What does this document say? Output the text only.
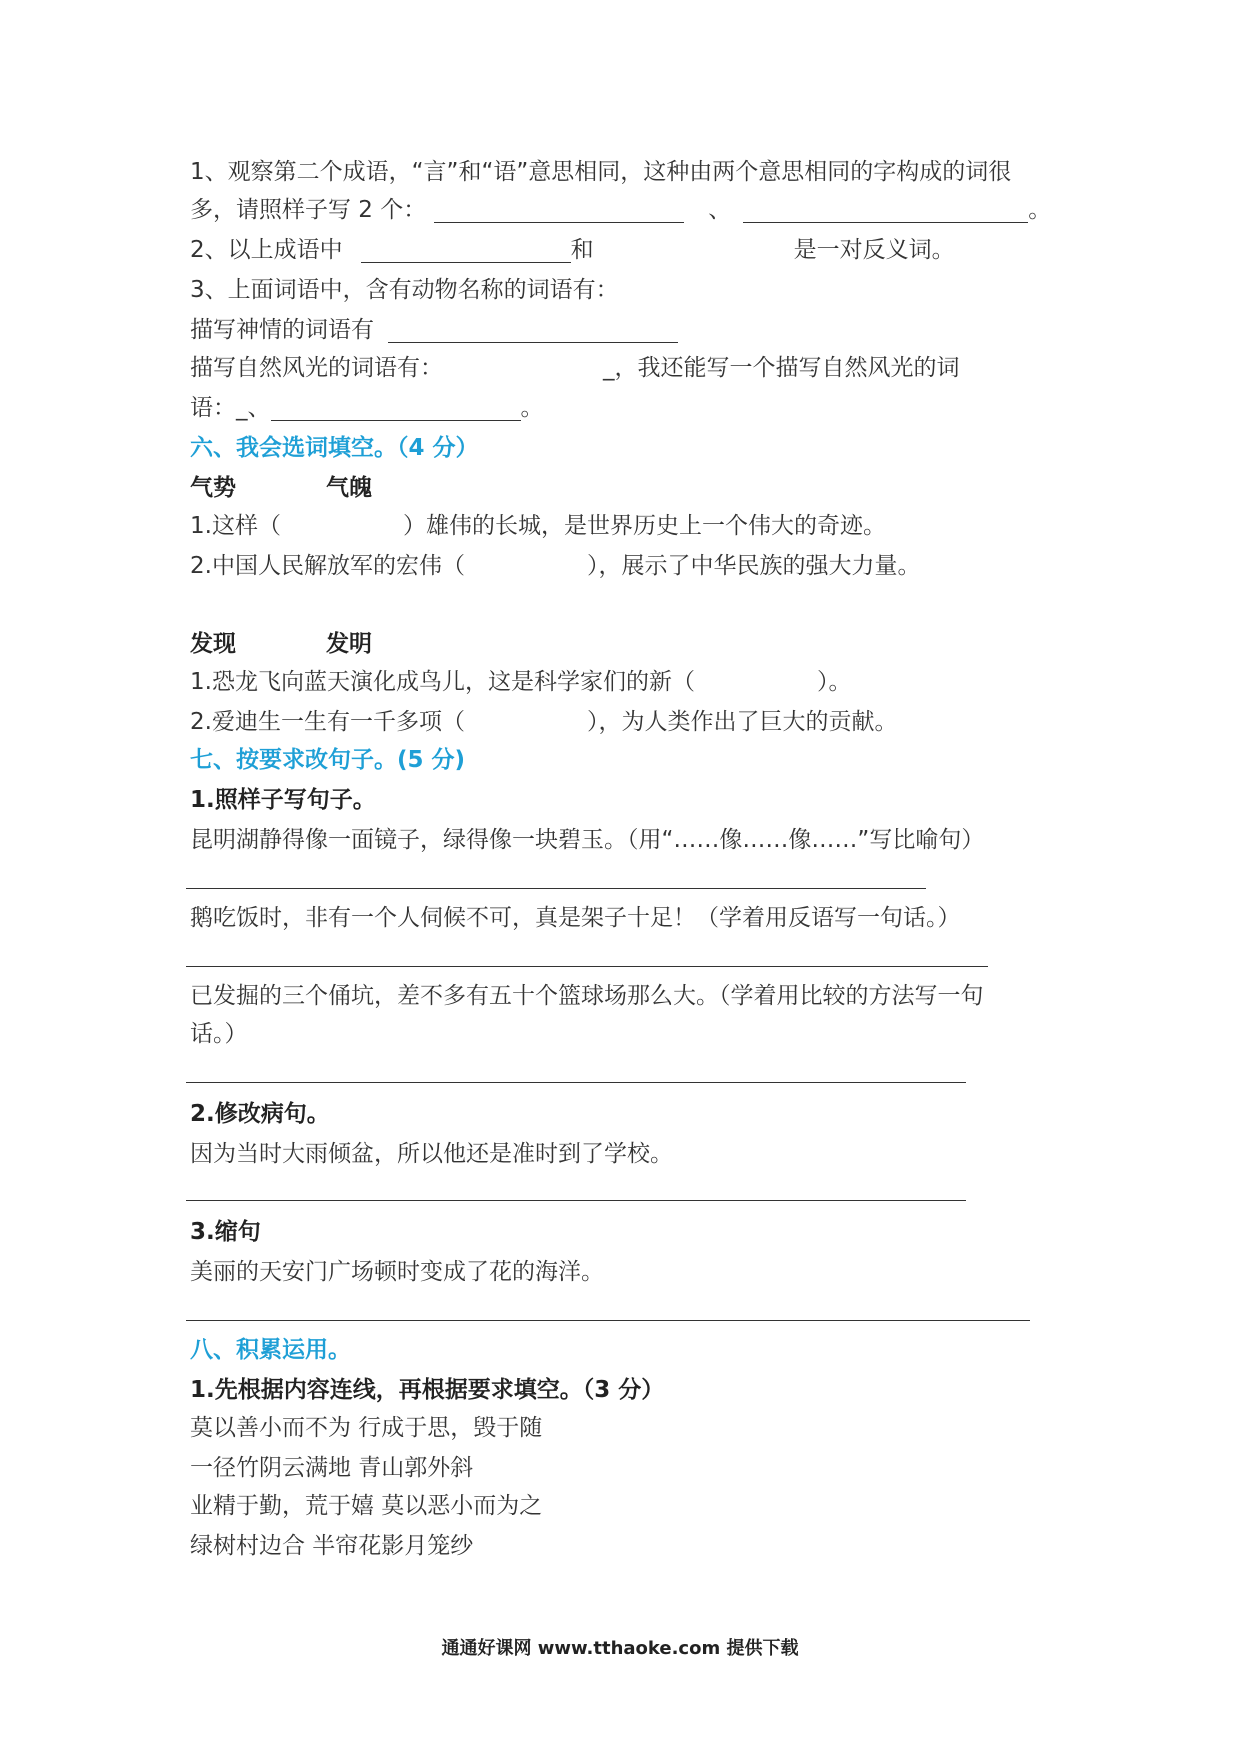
1、观察第二个成语，“言”和“语”意思相同，这种由两个意思相同的字构成的词很
多，请照样子写 2 个：	、	。
2、以上成语中	和	是一对反义词。
3、上面词语中，含有动物名称的词语有：
描写神情的词语有
描写自然风光的词语有：	_，我还能写一个描写自然风光的词
语：_、	。
六、我会选词填空。（4 分）
气势	气魄
1.这样（	）雄伟的长城，是世界历史上一个伟大的奇迹。
2.中国人民解放军的宏伟（	），展示了中华民族的强大力量。
发现	发明
1.恐龙飞向蓝天演化成鸟儿，这是科学家们的新（	）。
2.爱迪生一生有一千多项（	），为人类作出了巨大的贡献。
七、按要求改句子。(5 分)
1.照样子写句子。
昆明湖静得像一面镜子，绿得像一块碧玉。（用“……像……像……”写比喻句）
鹅吃饭时，非有一个人伺候不可，真是架子十足！（学着用反语写一句话。）
已发掘的三个俑坑，差不多有五十个篮球场那么大。（学着用比较的方法写一句
话。）
2.修改病句。
因为当时大雨倾盆，所以他还是准时到了学校。
3.缩句
美丽的天安门广场顿时变成了花的海洋。
八、积累运用。
1.先根据内容连线，再根据要求填空。（3 分）
莫以善小而不为 行成于思，毁于随
一径竹阴云满地 青山郭外斜
业精于勤，荒于嬉 莫以恶小而为之
绿树村边合 半帘花影月笼纱
通通好课网 www.tthaoke.com 提供下载
